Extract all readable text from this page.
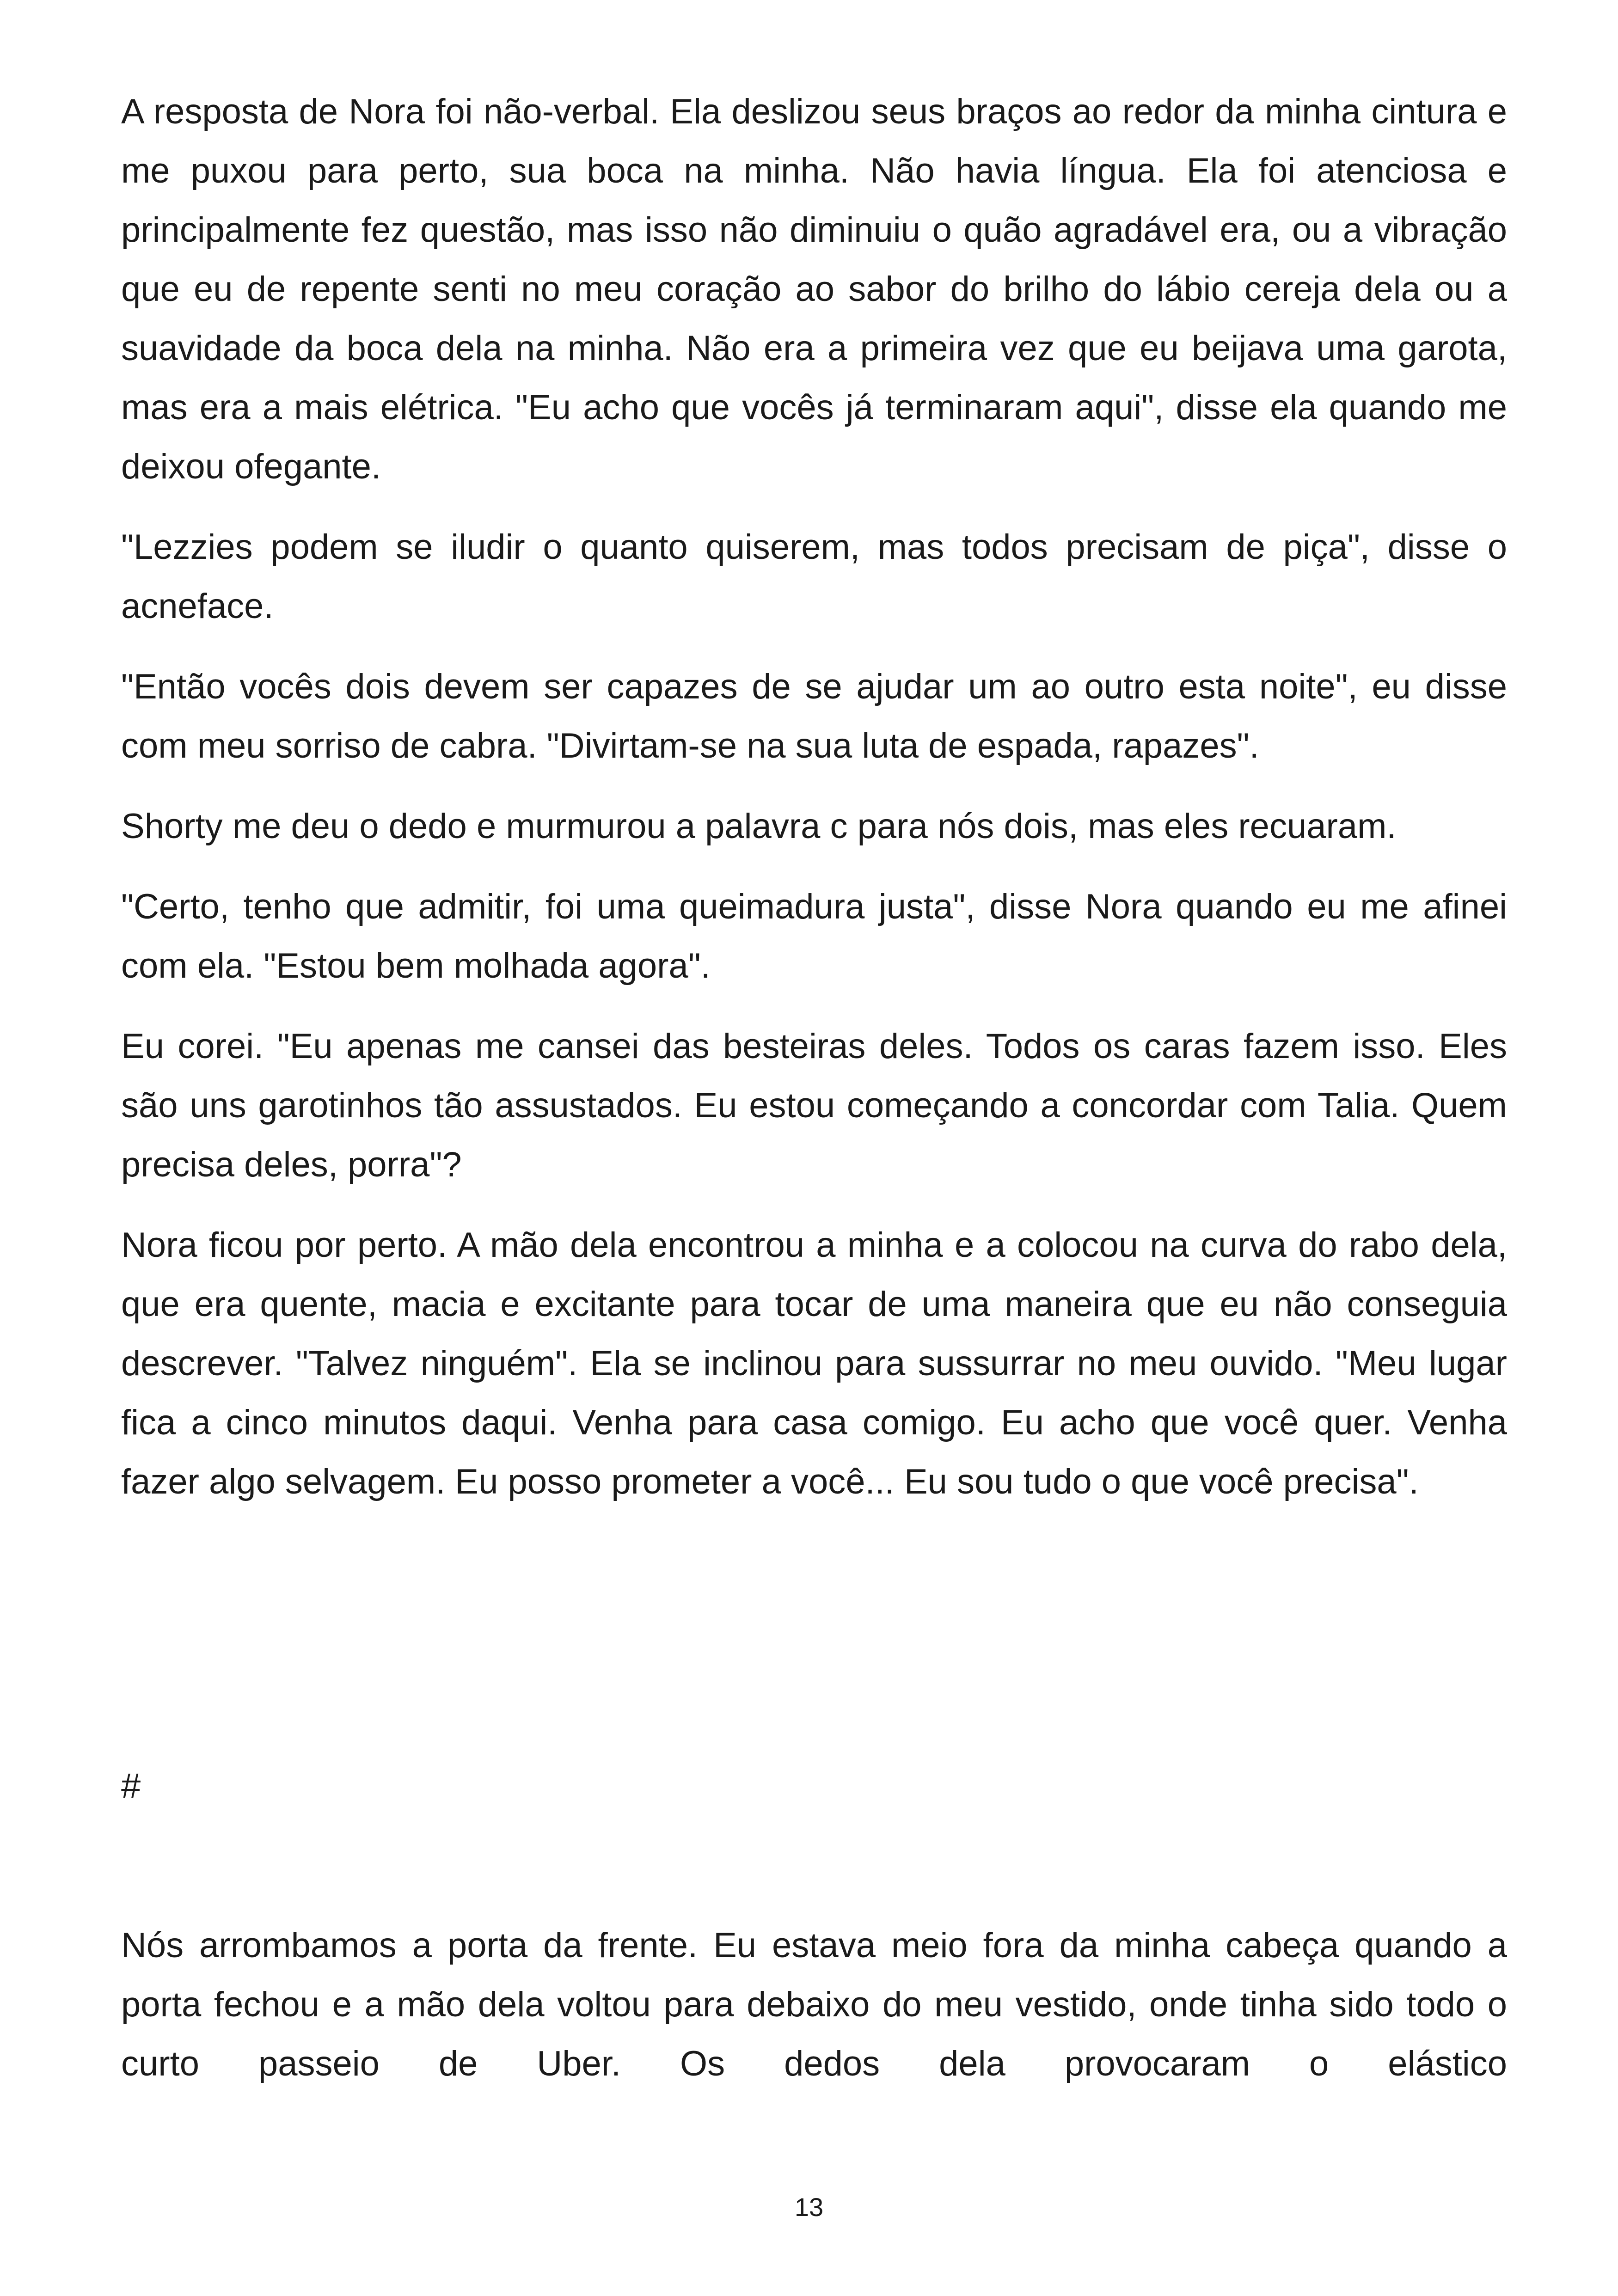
A resposta de Nora foi não-verbal. Ela deslizou seus braços ao redor da minha cintura e me puxou para perto, sua boca na minha. Não havia língua. Ela foi atenciosa e principalmente fez questão, mas isso não diminuiu o quão agradável era, ou a vibração que eu de repente senti no meu coração ao sabor do brilho do lábio cereja dela ou a suavidade da boca dela na minha. Não era a primeira vez que eu beijava uma garota, mas era a mais elétrica. "Eu acho que vocês já terminaram aqui", disse ela quando me deixou ofegante.

"Lezzies podem se iludir o quanto quiserem, mas todos precisam de piça", disse o acneface.

"Então vocês dois devem ser capazes de se ajudar um ao outro esta noite", eu disse com meu sorriso de cabra. "Divirtam-se na sua luta de espada, rapazes".

Shorty me deu o dedo e murmurou a palavra c para nós dois, mas eles recuaram.

"Certo, tenho que admitir, foi uma queimadura justa", disse Nora quando eu me afinei com ela. "Estou bem molhada agora".

Eu corei. "Eu apenas me cansei das besteiras deles. Todos os caras fazem isso. Eles são uns garotinhos tão assustados. Eu estou começando a concordar com Talia. Quem precisa deles, porra"?

Nora ficou por perto. A mão dela encontrou a minha e a colocou na curva do rabo dela, que era quente, macia e excitante para tocar de uma maneira que eu não conseguia descrever. "Talvez ninguém". Ela se inclinou para sussurrar no meu ouvido. "Meu lugar fica a cinco minutos daqui. Venha para casa comigo. Eu acho que você quer. Venha fazer algo selvagem. Eu posso prometer a você... Eu sou tudo o que você precisa".

#

Nós arrombamos a porta da frente. Eu estava meio fora da minha cabeça quando a porta fechou e a mão dela voltou para debaixo do meu vestido, onde tinha sido todo o curto passeio de Uber. Os dedos dela provocaram o elástico

13
